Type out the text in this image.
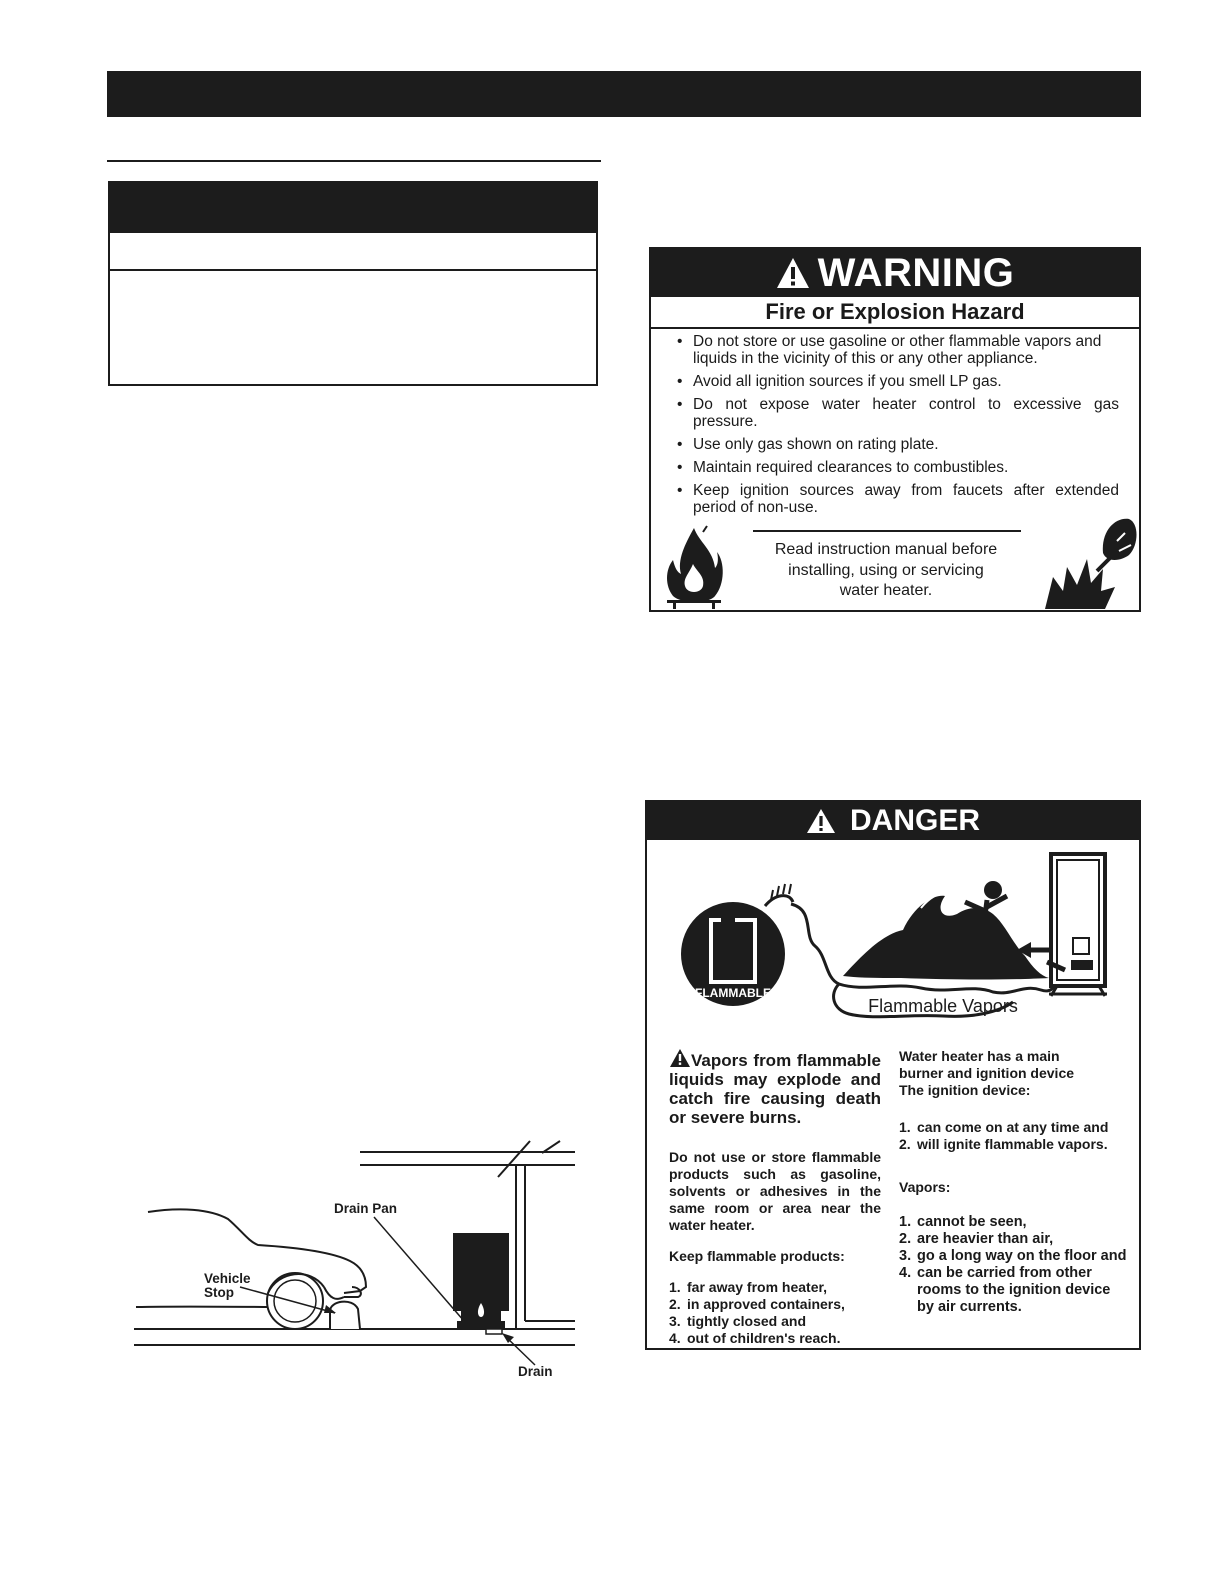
WARNING
Fire or Explosion Hazard
• Do not store or use gasoline or other flammable vapors and liquids in the vicinity of this or any other appliance.
• Avoid all ignition sources if you smell LP gas.
• Do not expose water heater control to excessive gas pressure.
• Use only gas shown on rating plate.
• Maintain required clearances to combustibles.
• Keep ignition sources away from faucets after extended period of non-use.
Read instruction manual before
installing, using or servicing
water heater.
DANGER
FLAMMABLE
Flammable Vapors

Vapors from flammable liquids may explode and catch fire causing death or severe burns.

Do not use or store flammable products such as gasoline, solvents or adhesives in the same room or area near the water heater.

Keep flammable products:

1. far away from heater,
2. in approved containers,
3. tightly closed and
4. out of children's reach.

Water heater has a main
burner and ignition device
The ignition device:

1. can come on at any time and
2. will ignite flammable vapors.

Vapors:

1. cannot be seen,
2. are heavier than air,
3. go a long way on the floor and
4. can be carried from other rooms to the ignition device by air currents.
Drain Pan
Vehicle
Stop
Drain
